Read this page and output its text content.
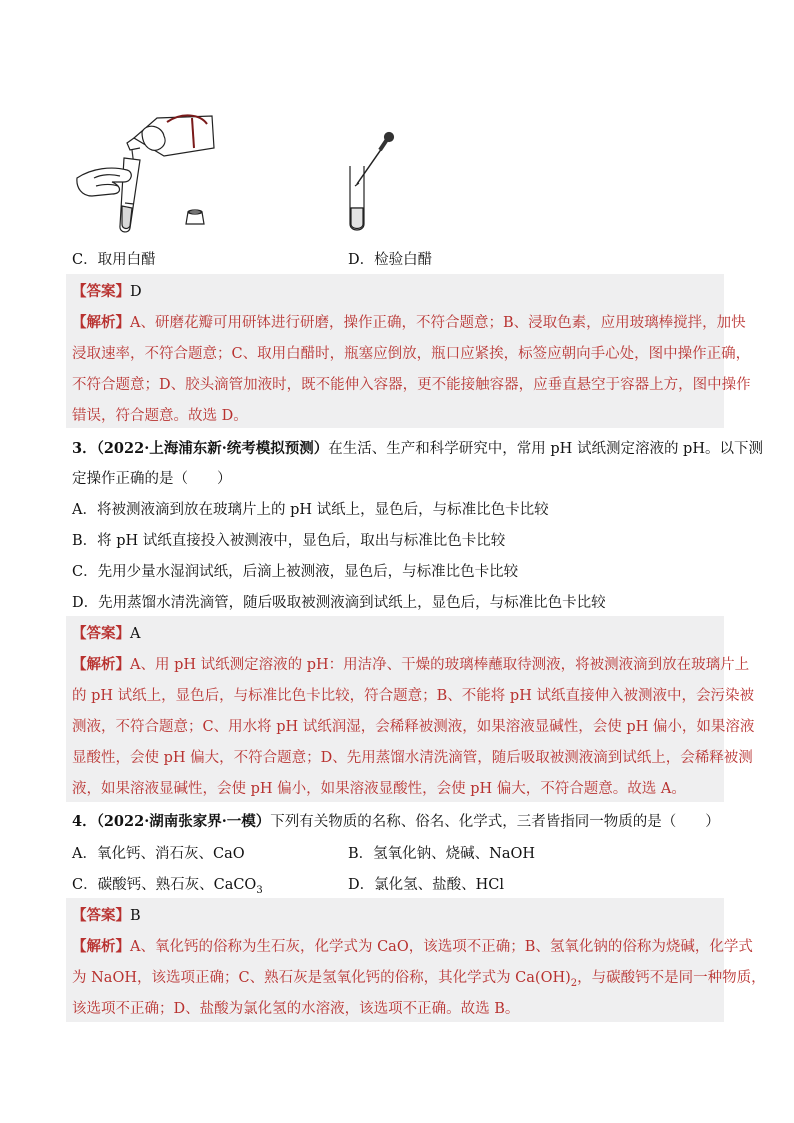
C．取用白醋	D．检验白醋
【答案】D
【解析】A、研磨花瓣可用研钵进行研磨，操作正确，不符合题意；B、浸取色素，应用玻璃棒搅拌，加快
浸取速率，不符合题意；C、取用白醋时，瓶塞应倒放，瓶口应紧挨，标签应朝向手心处，图中操作正确，
不符合题意；D、胶头滴管加液时，既不能伸入容器，更不能接触容器，应垂直悬空于容器上方，图中操作
错误，符合题意。故选 D。
3．（2022·上海浦东新·统考模拟预测）在生活、生产和科学研究中，常用 pH 试纸测定溶液的 pH。以下测
定操作正确的是（　　）
A．将被测液滴到放在玻璃片上的 pH 试纸上，显色后，与标准比色卡比较
B．将 pH 试纸直接投入被测液中，显色后，取出与标准比色卡比较
C．先用少量水湿润试纸，后滴上被测液，显色后，与标准比色卡比较
D．先用蒸馏水清洗滴管，随后吸取被测液滴到试纸上，显色后，与标准比色卡比较
【答案】A
【解析】A、用 pH 试纸测定溶液的 pH：用洁净、干燥的玻璃棒蘸取待测液，将被测液滴到放在玻璃片上
的 pH 试纸上，显色后，与标准比色卡比较，符合题意；B、不能将 pH 试纸直接伸入被测液中，会污染被
测液，不符合题意；C、用水将 pH 试纸润湿，会稀释被测液，如果溶液显碱性，会使 pH 偏小，如果溶液
显酸性，会使 pH 偏大，不符合题意；D、先用蒸馏水清洗滴管，随后吸取被测液滴到试纸上，会稀释被测
液，如果溶液显碱性，会使 pH 偏小，如果溶液显酸性，会使 pH 偏大，不符合题意。故选 A。
4．（2022·湖南张家界·一模）下列有关物质的名称、俗名、化学式，三者皆指同一物质的是（　　）
A．氧化钙、消石灰、CaO	B．氢氧化钠、烧碱、NaOH
C．碳酸钙、熟石灰、CaCO$_3$	D．氯化氢、盐酸、HCl
【答案】B
【解析】A、氧化钙的俗称为生石灰，化学式为 CaO，该选项不正确；B、氢氧化钠的俗称为烧碱，化学式
为 NaOH，该选项正确；C、熟石灰是氢氧化钙的俗称，其化学式为 $Ca(OH)_2$，与碳酸钙不是同一种物质，
该选项不正确；D、盐酸为氯化氢的水溶液，该选项不正确。故选 B。
